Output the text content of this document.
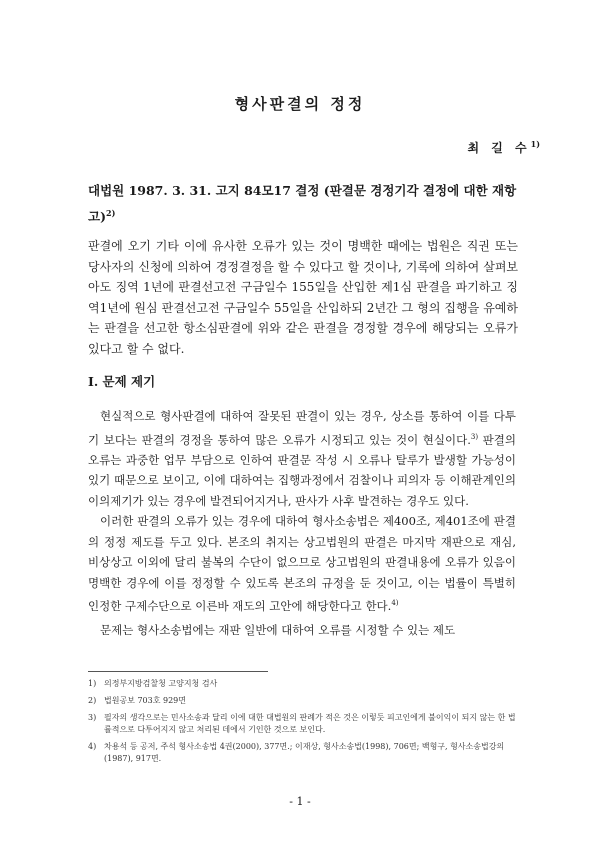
형사판결의 정정
최 길 수$^{1)}$
대법원 1987. 3. 31. 고지 84모17 결정 (판결문 경정기각 결정에 대한 재항고)$^{2)}$
판결에 오기 기타 이에 유사한 오류가 있는 것이 명백한 때에는 법원은 직권 또는 당사자의 신청에 의하여 경정결정을 할 수 있다고 할 것이나, 기록에 의하여 살펴보아도 징역 1년에 판결선고전 구금일수 155일을 산입한 제1심 판결을 파기하고 징역1년에 원심 판결선고전 구금일수 55일을 산입하되 2년간 그 형의 집행을 유예하는 판결을 선고한 항소심판결에 위와 같은 판결을 경정할 경우에 해당되는 오류가 있다고 할 수 없다.
Ⅰ. 문제 제기

현실적으로 형사판결에 대하여 잘못된 판결이 있는 경우, 상소를 통하여 이를 다투기 보다는 판결의 경정을 통하여 많은 오류가 시정되고 있는 것이 현실이다.$^{3)}$ 판결의 오류는 과중한 업무 부담으로 인하여 판결문 작성 시 오류나 탈루가 발생할 가능성이 있기 때문으로 보이고, 이에 대하여는 집행과정에서 검찰이나 피의자 등 이해관계인의 이의제기가 있는 경우에 발견되어지거나, 판사가 사후 발견하는 경우도 있다.

이러한 판결의 오류가 있는 경우에 대하여 형사소송법은 제400조, 제401조에 판결의 정정 제도를 두고 있다. 본조의 취지는 상고법원의 판결은 마지막 재판으로 재심, 비상상고 이외에 달리 불복의 수단이 없으므로 상고법원의 판결내용에 오류가 있음이 명백한 경우에 이를 정정할 수 있도록 본조의 규정을 둔 것이고, 이는 법률이 특별히 인정한 구제수단으로 이른바 재도의 고안에 해당한다고 한다.$^{4)}$

문제는 형사소송법에는 재판 일반에 대하여 오류를 시정할 수 있는 제도

1) 의정부지방검찰청 고양지청 검사
2) 법원공보 703호 929면
3) 필자의 생각으로는 민사소송과 달리 이에 대한 대법원의 판례가 적은 것은 이렇듯 피고인에게 불이익이 되지 않는 한 법률적으로 다투어지지 않고 처리된 데에서 기인한 것으로 보인다.
4) 차용석 등 공저, 주석 형사소송법 4권(2000), 377면.; 이재상, 형사소송법(1998), 706면; 백형구, 형사소송법강의(1987), 917면.
- 1 -
